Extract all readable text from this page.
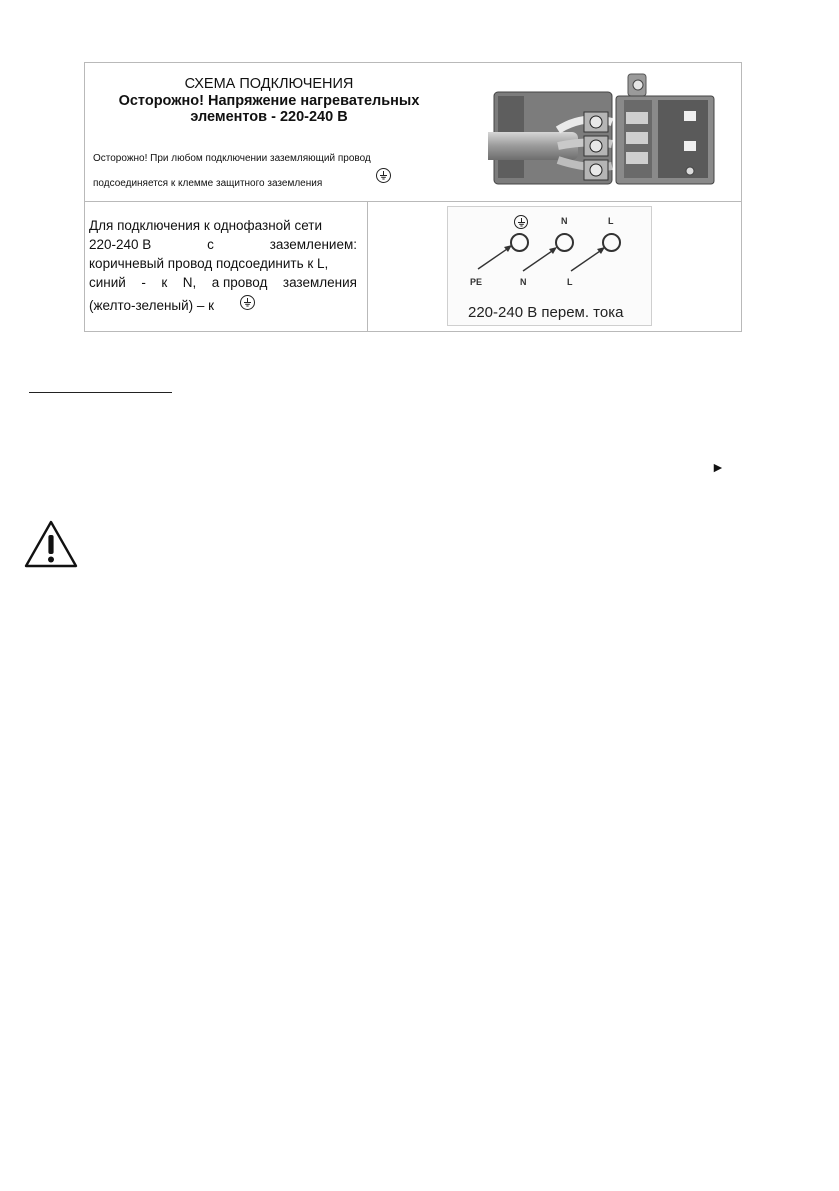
СХЕМА ПОДКЛЮЧЕНИЯ
Осторожно! Напряжение нагревательных
элементов - 220-240 В
Осторожно! При любом подключении заземляющий провод
подсоединяется к клемме защитного заземления
Для подключения к однофазной сети
220-240 В	с	заземлением:
коричневый провод подсоединить к L,
синий - к N, а провод заземления
(желто-зеленый) – к
N	L
PE	N	L
220-240 В перем. тока
►
